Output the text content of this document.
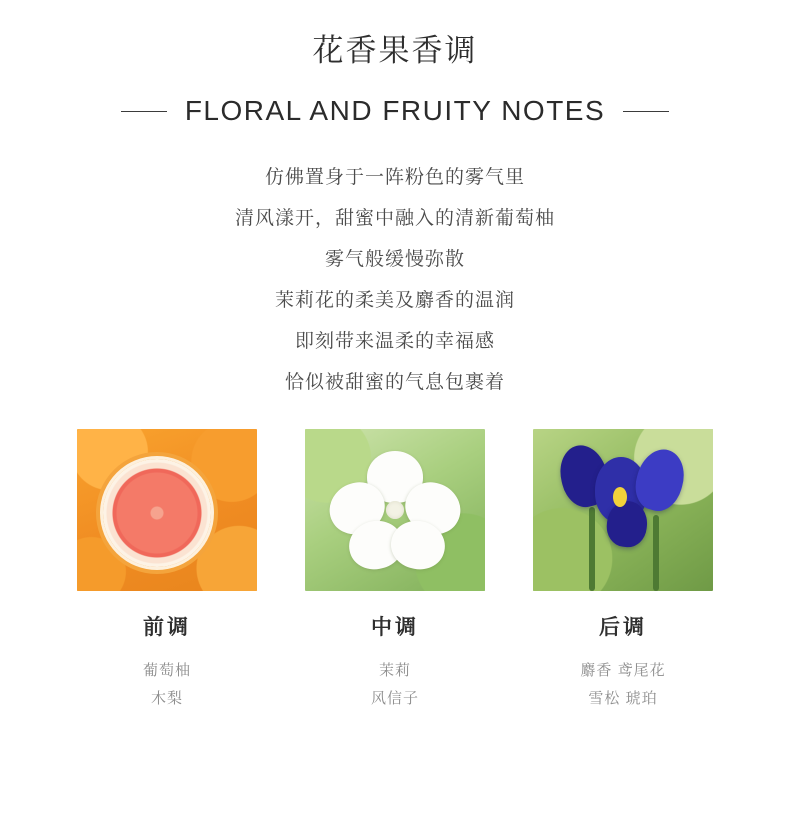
花香果香调
FLORAL AND FRUITY NOTES
仿佛置身于一阵粉色的雾气里
清风漾开，甜蜜中融入的清新葡萄柚
雾气般缓慢弥散
茉莉花的柔美及麝香的温润
即刻带来温柔的幸福感
恰似被甜蜜的气息包裹着
前调
葡萄柚
木梨
中调
茉莉
风信子
后调
麝香 鸢尾花
雪松 琥珀
